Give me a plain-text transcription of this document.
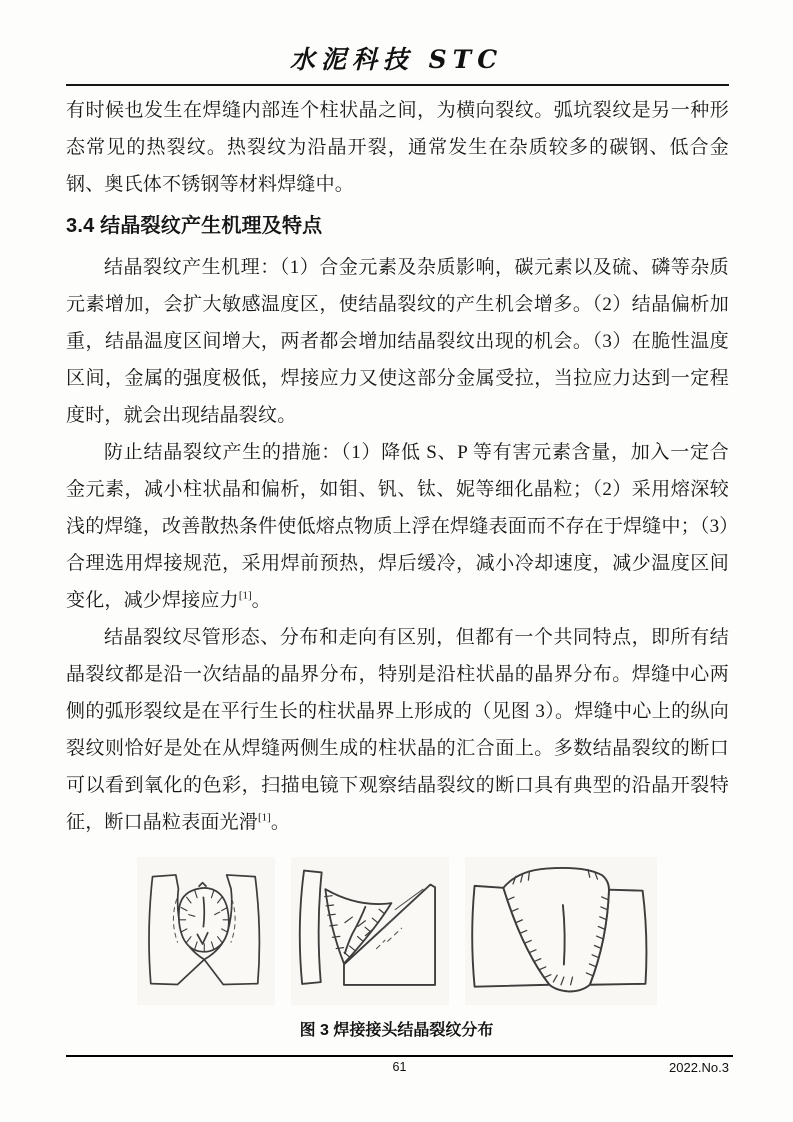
水泥科技 STC

有时候也发生在焊缝内部连个柱状晶之间，为横向裂纹。弧坑裂纹是另一种形态常见的热裂纹。热裂纹为沿晶开裂，通常发生在杂质较多的碳钢、低合金钢、奥氏体不锈钢等材料焊缝中。

3.4 结晶裂纹产生机理及特点

结晶裂纹产生机理：（1）合金元素及杂质影响，碳元素以及硫、磷等杂质元素增加，会扩大敏感温度区，使结晶裂纹的产生机会增多。（2）结晶偏析加重，结晶温度区间增大，两者都会增加结晶裂纹出现的机会。（3）在脆性温度区间，金属的强度极低，焊接应力又使这部分金属受拉，当拉应力达到一定程度时，就会出现结晶裂纹。

防止结晶裂纹产生的措施：（1）降低 S、P 等有害元素含量，加入一定合金元素，减小柱状晶和偏析，如钼、钒、钛、妮等细化晶粒；（2）采用熔深较浅的焊缝，改善散热条件使低熔点物质上浮在焊缝表面而不存在于焊缝中；（3）合理选用焊接规范，采用焊前预热，焊后缓冷，减小冷却速度，减少温度区间变化，减少焊接应力[1]。

结晶裂纹尽管形态、分布和走向有区别，但都有一个共同特点，即所有结晶裂纹都是沿一次结晶的晶界分布，特别是沿柱状晶的晶界分布。焊缝中心两侧的弧形裂纹是在平行生长的柱状晶界上形成的（见图 3）。焊缝中心上的纵向裂纹则恰好是处在从焊缝两侧生成的柱状晶的汇合面上。多数结晶裂纹的断口可以看到氧化的色彩，扫描电镜下观察结晶裂纹的断口具有典型的沿晶开裂特征，断口晶粒表面光滑[1]。

图 3 焊接接头结晶裂纹分布
61	2022.No.3
